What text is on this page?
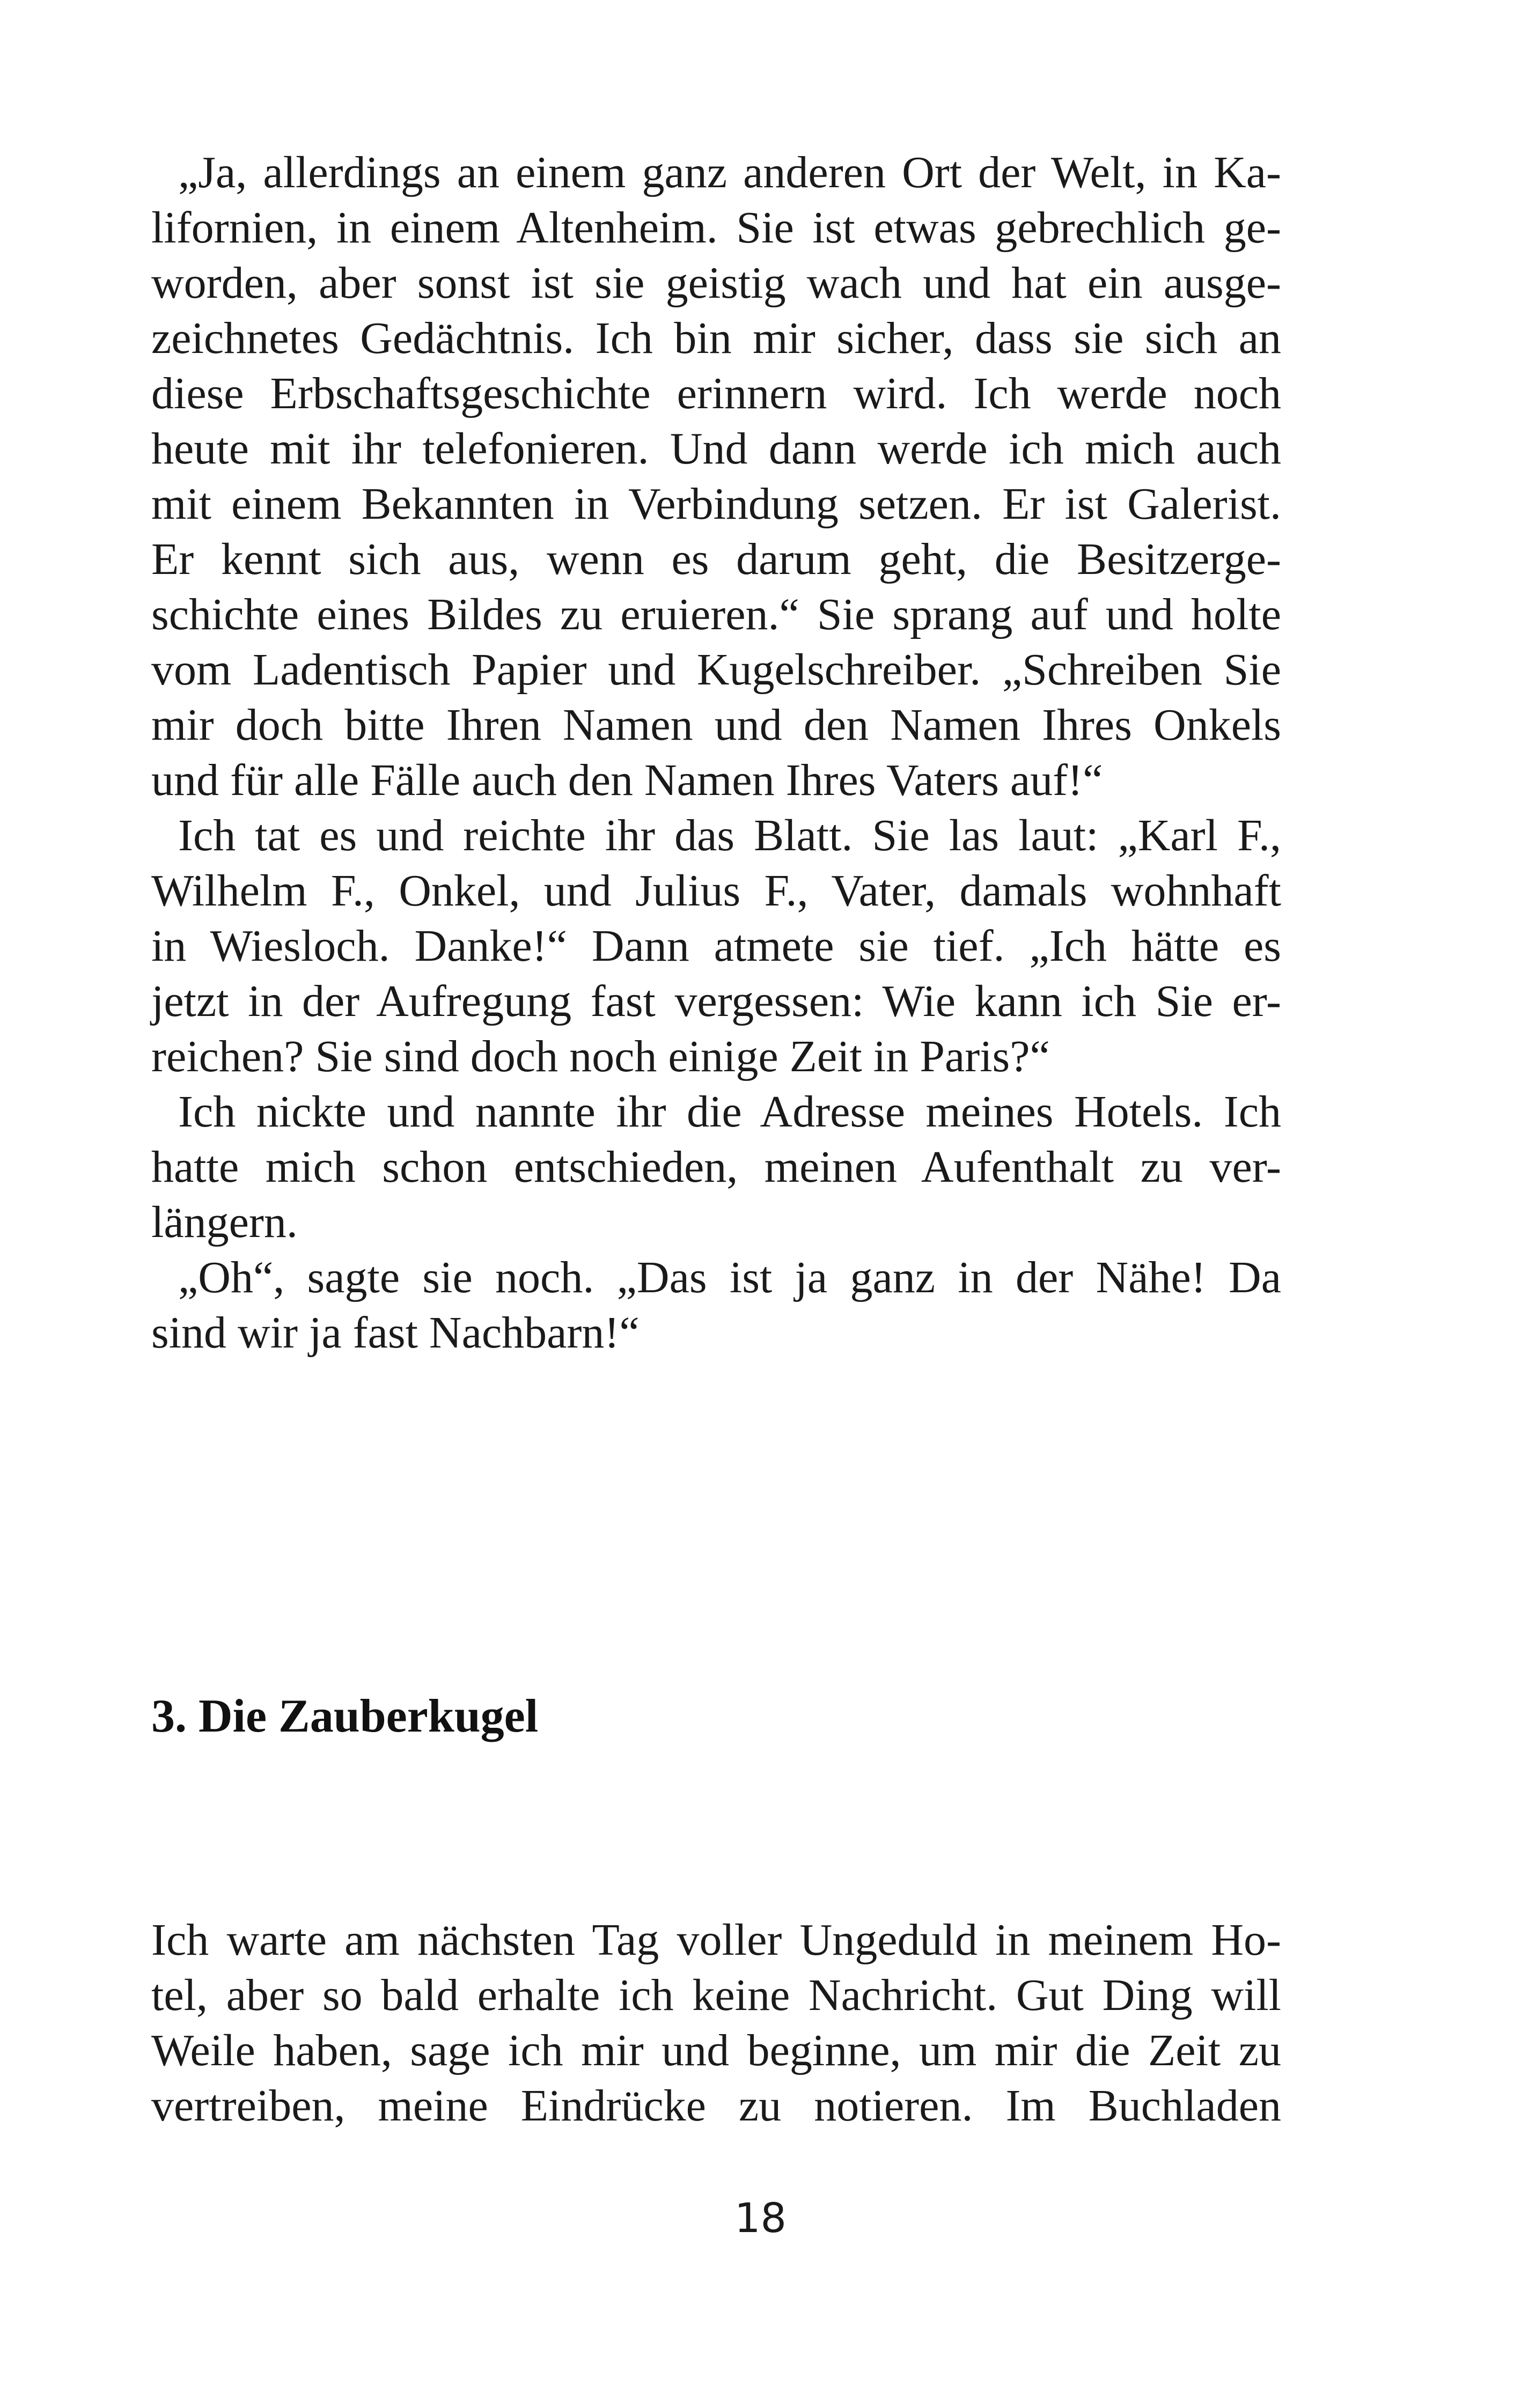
„Ja, allerdings an einem ganz anderen Ort der Welt, in Ka-
lifornien, in einem Altenheim. Sie ist etwas gebrechlich ge-
worden, aber sonst ist sie geistig wach und hat ein ausge-
zeichnetes Gedächtnis. Ich bin mir sicher, dass sie sich an
diese Erbschaftsgeschichte erinnern wird. Ich werde noch
heute mit ihr telefonieren. Und dann werde ich mich auch
mit einem Bekannten in Verbindung setzen. Er ist Galerist.
Er kennt sich aus, wenn es darum geht, die Besitzerge-
schichte eines Bildes zu eruieren.“ Sie sprang auf und holte
vom Ladentisch Papier und Kugelschreiber. „Schreiben Sie
mir doch bitte Ihren Namen und den Namen Ihres Onkels
und für alle Fälle auch den Namen Ihres Vaters auf!“
Ich tat es und reichte ihr das Blatt. Sie las laut: „Karl F.,
Wilhelm F., Onkel, und Julius F., Vater, damals wohnhaft
in Wiesloch. Danke!“ Dann atmete sie tief. „Ich hätte es
jetzt in der Aufregung fast vergessen: Wie kann ich Sie er-
reichen? Sie sind doch noch einige Zeit in Paris?“
Ich nickte und nannte ihr die Adresse meines Hotels. Ich
hatte mich schon entschieden, meinen Aufenthalt zu ver-
längern.
„Oh“, sagte sie noch. „Das ist ja ganz in der Nähe! Da
sind wir ja fast Nachbarn!“
3. Die Zauberkugel
Ich warte am nächsten Tag voller Ungeduld in meinem Ho-
tel, aber so bald erhalte ich keine Nachricht. Gut Ding will
Weile haben, sage ich mir und beginne, um mir die Zeit zu
vertreiben, meine Eindrücke zu notieren. Im Buchladen
18
